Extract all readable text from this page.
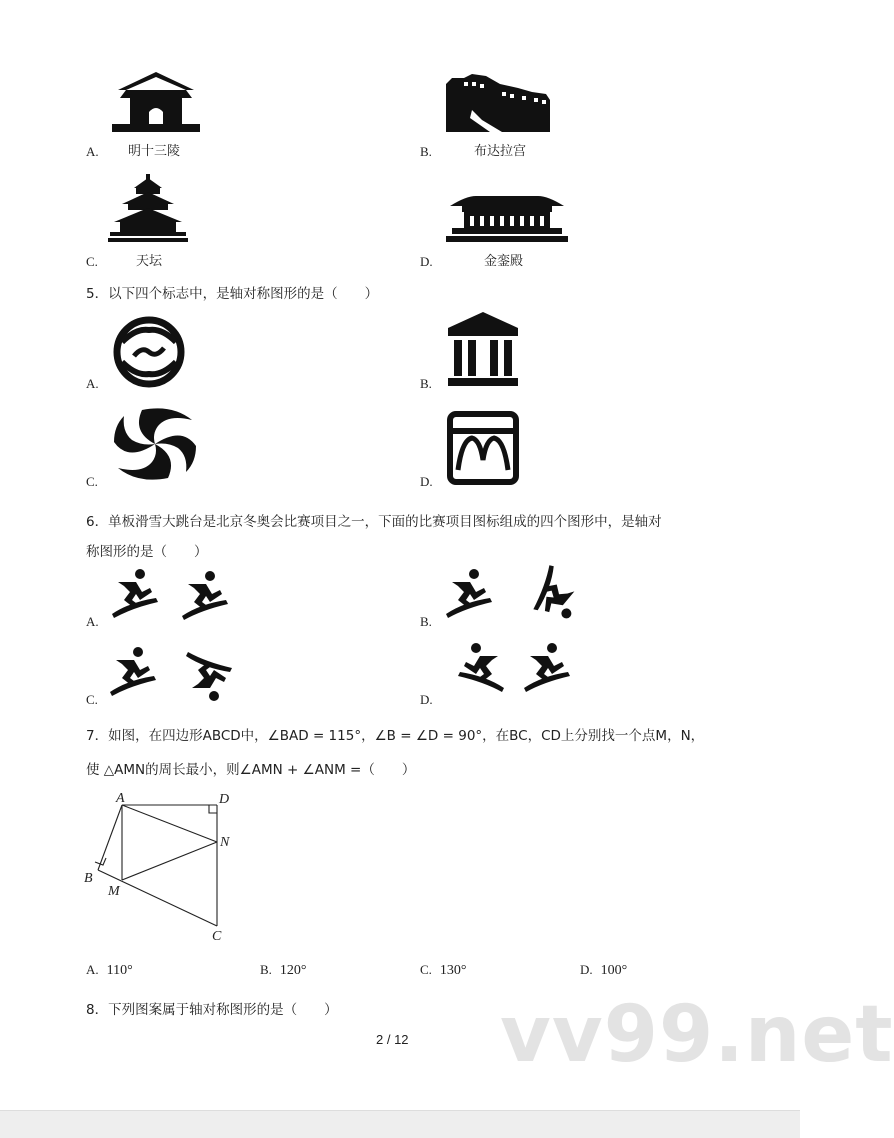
A. 明十三陵	B.	布达拉宫
C.	天坛	D.	金銮殿
5．以下四个标志中，是轴对称图形的是（　　）
A.	B.
C.	D.
6．单板滑雪大跳台是北京冬奥会比赛项目之一，下面的比赛项目图标组成的四个图形中，是轴对
称图形的是（　　）
A.	B.
C.	D.
7．如图，在四边形ABCD中，∠BAD = 115°，∠B = ∠D = 90°，在BC，CD上分别找一个点M，N，
使 △AMN的周长最小，则∠AMN + ∠ANM =（　　）
A	D
N
B
M
C
A. 110°	B. 120°	C. 130°	D. 100°
8．下列图案属于轴对称图形的是（　　） vv99.net
2 / 12
